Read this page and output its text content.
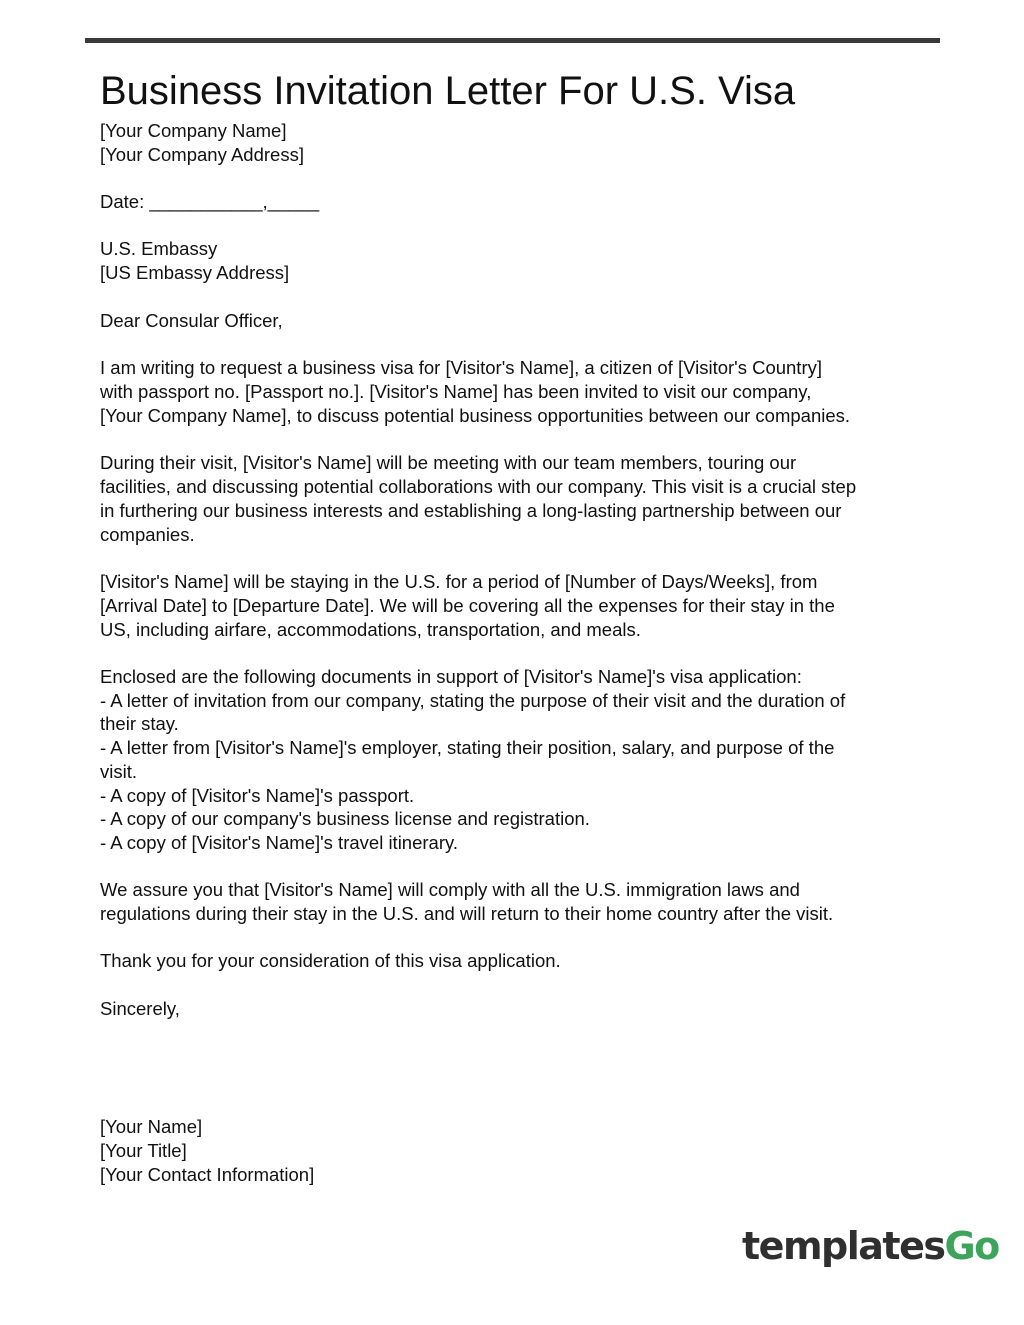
Business Invitation Letter For U.S. Visa
[Your Company Name]
[Your Company Address]
Date: ___________,_____
U.S. Embassy
[US Embassy Address]
Dear Consular Officer,
I am writing to request a business visa for [Visitor's Name], a citizen of [Visitor's Country]
with passport no. [Passport no.]. [Visitor's Name] has been invited to visit our company,
[Your Company Name], to discuss potential business opportunities between our companies.
During their visit, [Visitor's Name] will be meeting with our team members, touring our
facilities, and discussing potential collaborations with our company. This visit is a crucial step
in furthering our business interests and establishing a long-lasting partnership between our
companies.
[Visitor's Name] will be staying in the U.S. for a period of [Number of Days/Weeks], from
[Arrival Date] to [Departure Date]. We will be covering all the expenses for their stay in the
US, including airfare, accommodations, transportation, and meals.
Enclosed are the following documents in support of [Visitor's Name]'s visa application:
- A letter of invitation from our company, stating the purpose of their visit and the duration of
their stay.
- A letter from [Visitor's Name]'s employer, stating their position, salary, and purpose of the
visit.
- A copy of [Visitor's Name]'s passport.
- A copy of our company's business license and registration.
- A copy of [Visitor's Name]'s travel itinerary.
We assure you that [Visitor's Name] will comply with all the U.S. immigration laws and
regulations during their stay in the U.S. and will return to their home country after the visit.
Thank you for your consideration of this visa application.
Sincerely,
[Your Name]
[Your Title]
[Your Contact Information]
templatesGo
